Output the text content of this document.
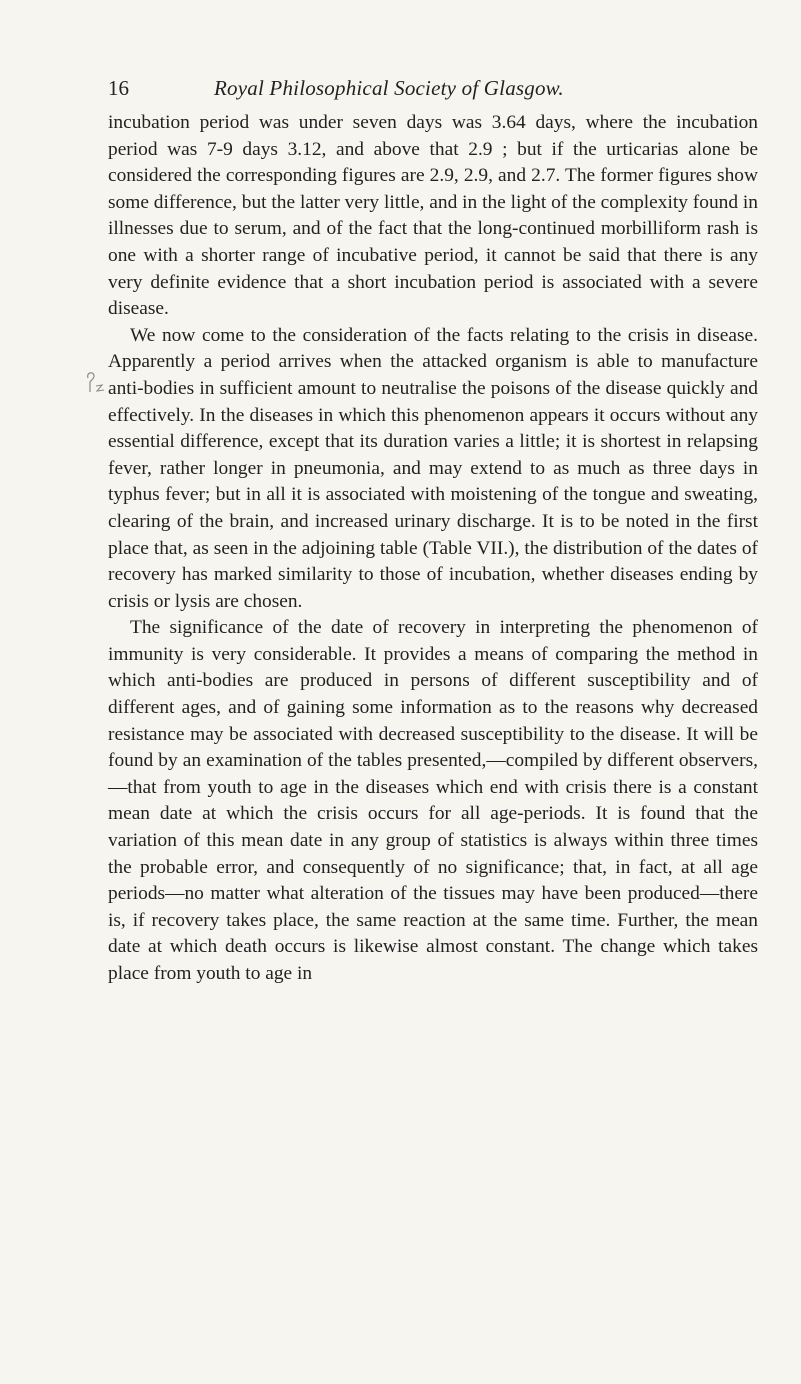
16	Royal Philosophical Society of Glasgow.

incubation period was under seven days was 3.64 days, where the incubation period was 7-9 days 3.12, and above that 2.9 ; but if the urticarias alone be considered the corresponding figures are 2.9, 2.9, and 2.7. The former figures show some difference, but the latter very little, and in the light of the complexity found in illnesses due to serum, and of the fact that the long-continued morbilliform rash is one with a shorter range of incubative period, it cannot be said that there is any very definite evidence that a short incubation period is associated with a severe disease.

We now come to the consideration of the facts relating to the crisis in disease. Apparently a period arrives when the attacked organism is able to manufacture anti-bodies in sufficient amount to neutralise the poisons of the disease quickly and effectively. In the diseases in which this phenomenon appears it occurs without any essential difference, except that its duration varies a little; it is shortest in relapsing fever, rather longer in pneumonia, and may extend to as much as three days in typhus fever; but in all it is associated with moistening of the tongue and sweating, clearing of the brain, and increased urinary discharge. It is to be noted in the first place that, as seen in the adjoining table (Table VII.), the distribution of the dates of recovery has marked similarity to those of incubation, whether diseases ending by crisis or lysis are chosen.

The significance of the date of recovery in interpreting the phenomenon of immunity is very considerable. It provides a means of comparing the method in which anti-bodies are produced in persons of different susceptibility and of different ages, and of gaining some information as to the reasons why decreased resistance may be associated with decreased susceptibility to the disease. It will be found by an examination of the tables presented,—compiled by different observers,—that from youth to age in the diseases which end with crisis there is a constant mean date at which the crisis occurs for all age-periods. It is found that the variation of this mean date in any group of statistics is always within three times the probable error, and consequently of no significance; that, in fact, at all age periods—no matter what alteration of the tissues may have been produced—there is, if recovery takes place, the same reaction at the same time. Further, the mean date at which death occurs is likewise almost constant. The change which takes place from youth to age in
